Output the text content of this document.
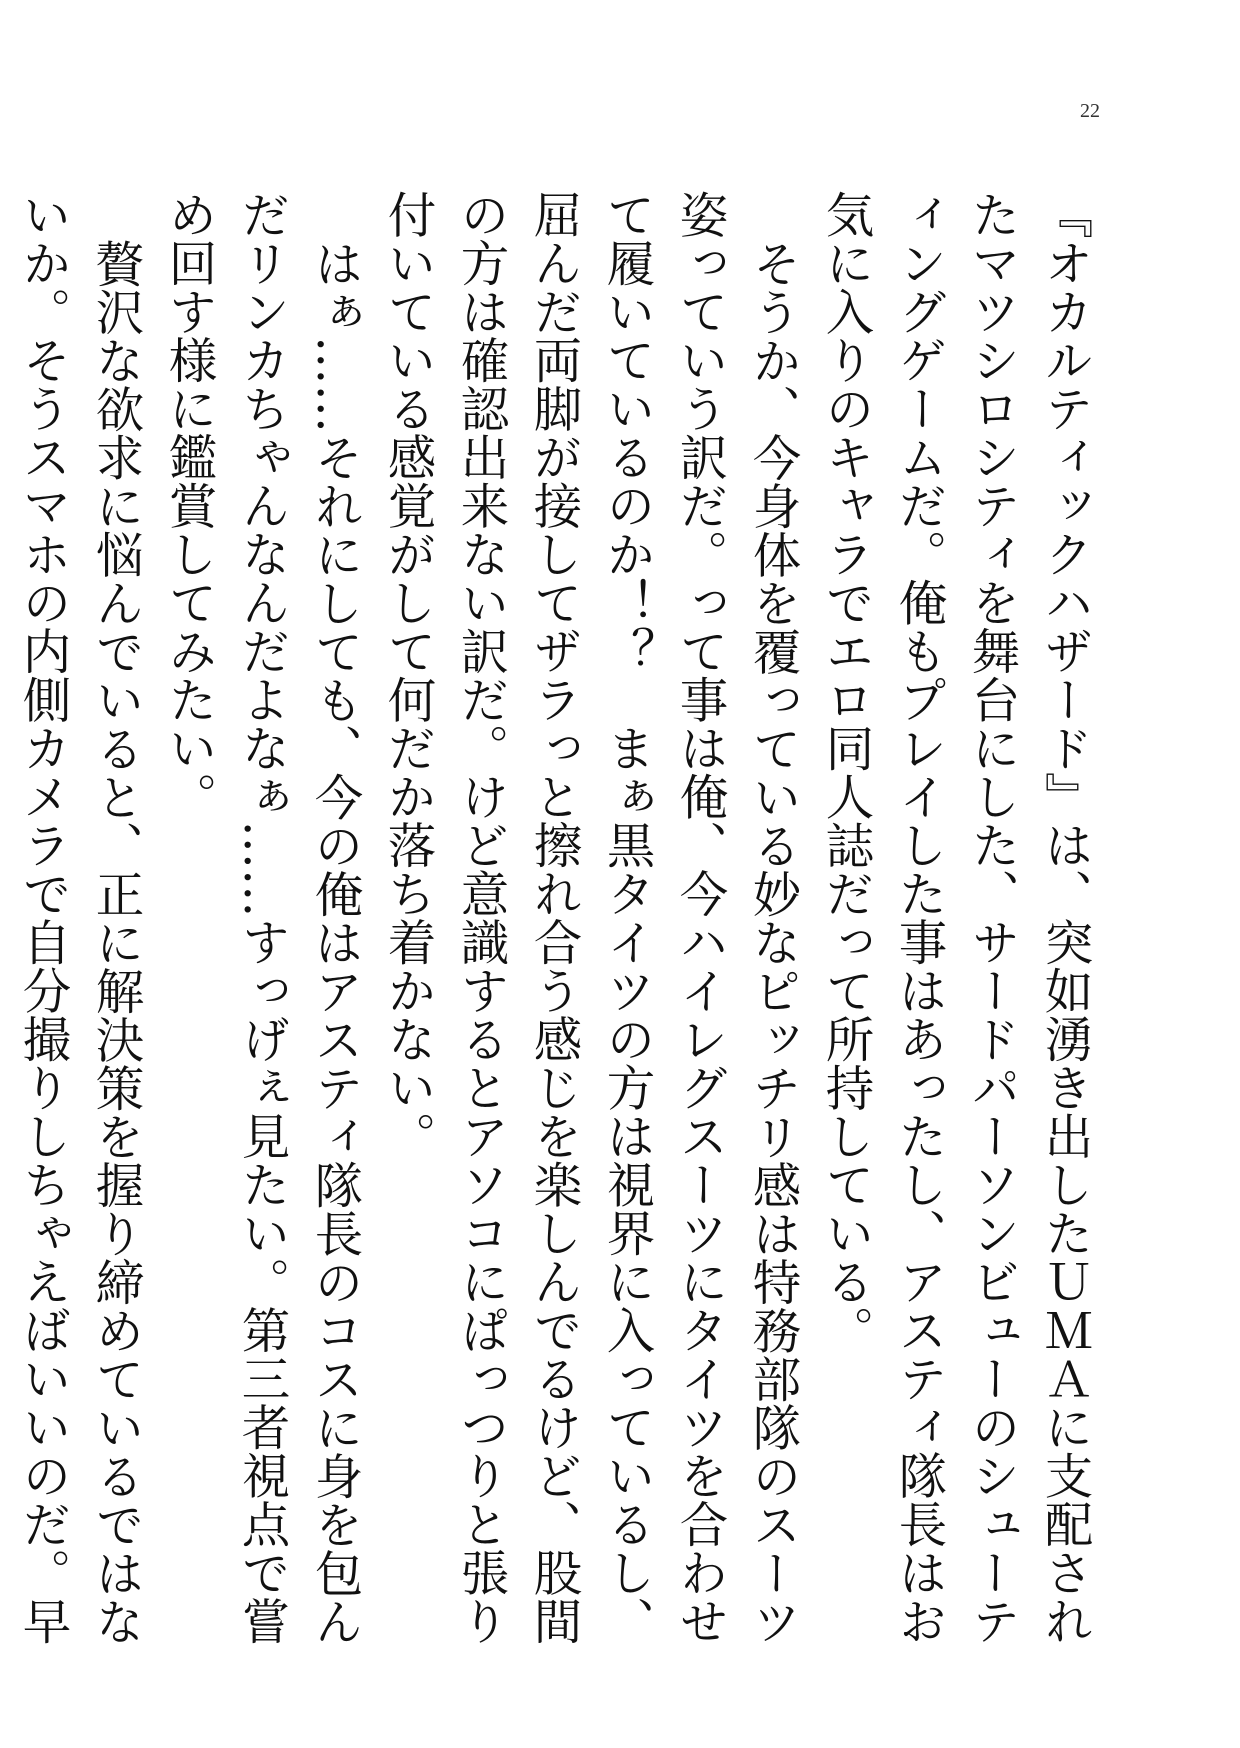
22

『オカルティックハザード』は、突如湧き出したＵＭＡに支配されたマツシロシティを舞台にした、サードパーソンビューのシューティングゲームだ。俺もプレイした事はあったし、アスティ隊長はお気に入りのキャラでエロ同人誌だって所持している。

そうか、今身体を覆っている妙なピッチリ感は特務部隊のスーツ姿っていう訳だ。って事は俺、今ハイレグスーツにタイツを合わせて履いているのか！？　まぁ黒タイツの方は視界に入っているし、屈んだ両脚が接してザラっと擦れ合う感じを楽しんでるけど、股間の方は確認出来ない訳だ。けど意識するとアソコにぱっつりと張り付いている感覚がして何だか落ち着かない。

はぁ……それにしても、今の俺はアスティ隊長のコスに身を包んだリンカちゃんなんだよなぁ……すっげぇ見たい。第三者視点で嘗め回す様に鑑賞してみたい。

贅沢な欲求に悩んでいると、正に解決策を握り締めているではないか。そうスマホの内側カメラで自分撮りしちゃえばいいのだ。早
